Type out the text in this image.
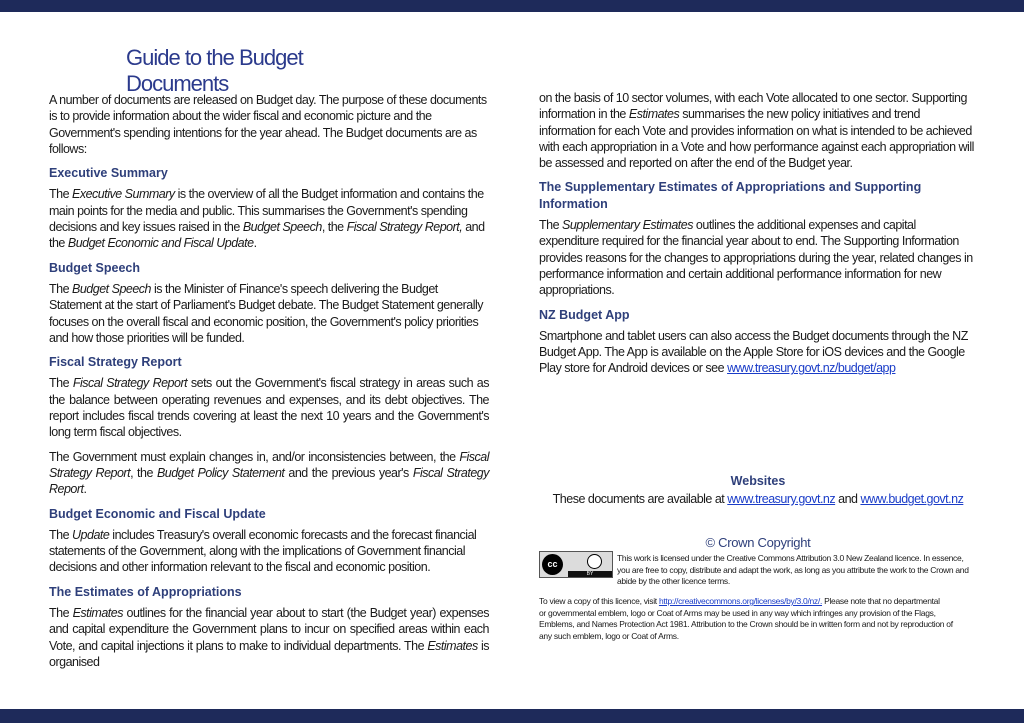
Guide to the Budget Documents

A number of documents are released on Budget day. The purpose of these documents is to provide information about the wider fiscal and economic picture and the Government's spending intentions for the year ahead. The Budget documents are as follows:

Executive Summary

The Executive Summary is the overview of all the Budget information and contains the main points for the media and public. This summarises the Government's spending decisions and key issues raised in the Budget Speech, the Fiscal Strategy Report, and the Budget Economic and Fiscal Update.

Budget Speech

The Budget Speech is the Minister of Finance's speech delivering the Budget Statement at the start of Parliament's Budget debate. The Budget Statement generally focuses on the overall fiscal and economic position, the Government's policy priorities and how those priorities will be funded.

Fiscal Strategy Report

The Fiscal Strategy Report sets out the Government's fiscal strategy in areas such as the balance between operating revenues and expenses, and its debt objectives. The report includes fiscal trends covering at least the next 10 years and the Government's long term fiscal objectives.

The Government must explain changes in, and/or inconsistencies between, the Fiscal Strategy Report, the Budget Policy Statement and the previous year's Fiscal Strategy Report.

Budget Economic and Fiscal Update

The Update includes Treasury's overall economic forecasts and the forecast financial statements of the Government, along with the implications of Government financial decisions and other information relevant to the fiscal and economic position.

The Estimates of Appropriations

The Estimates outlines for the financial year about to start (the Budget year) expenses and capital expenditure the Government plans to incur on specified areas within each Vote, and capital injections it plans to make to individual departments. The Estimates is organised

on the basis of 10 sector volumes, with each Vote allocated to one sector. Supporting information in the Estimates summarises the new policy initiatives and trend information for each Vote and provides information on what is intended to be achieved with each appropriation in a Vote and how performance against each appropriation will be assessed and reported on after the end of the Budget year.

The Supplementary Estimates of Appropriations and Supporting Information

The Supplementary Estimates outlines the additional expenses and capital expenditure required for the financial year about to end. The Supporting Information provides reasons for the changes to appropriations during the year, related changes in performance information and certain additional performance information for new appropriations.

NZ Budget App

Smartphone and tablet users can also access the Budget documents through the NZ Budget App. The App is available on the Apple Store for iOS devices and the Google Play store for Android devices or see www.treasury.govt.nz/budget/app

Websites
These documents are available at www.treasury.govt.nz and www.budget.govt.nz
© Crown Copyright
cc
BY
This work is licensed under the Creative Commons Attribution 3.0 New Zealand licence. In essence, you are free to copy, distribute and adapt the work, as long as you attribute the work to the Crown and abide by the other licence terms.
To view a copy of this licence, visit http://creativecommons.org/licenses/by/3.0/nz/. Please note that no departmental
or governmental emblem, logo or Coat of Arms may be used in any way which infringes any provision of the Flags, Emblems, and Names Protection Act 1981. Attribution to the Crown should be in written form and not by reproduction of any such emblem, logo or Coat of Arms.
